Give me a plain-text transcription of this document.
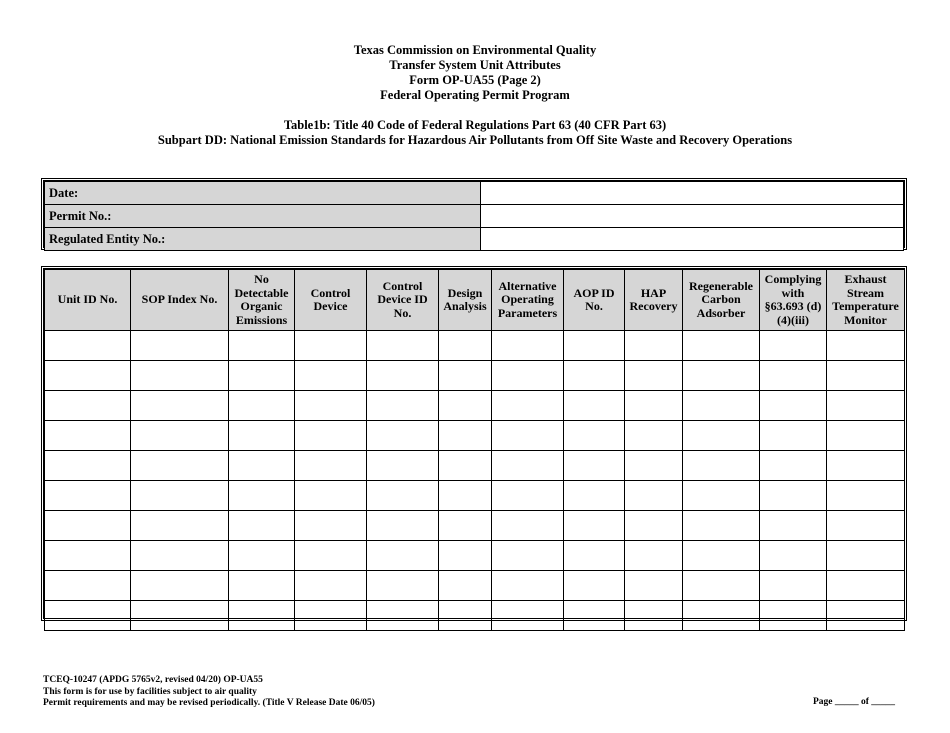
Texas Commission on Environmental Quality
Transfer System Unit Attributes
Form OP-UA55 (Page 2)
Federal Operating Permit Program
Table1b: Title 40 Code of Federal Regulations Part 63 (40 CFR Part 63)
Subpart DD: National Emission Standards for Hazardous Air Pollutants from Off Site Waste and Recovery Operations
Date:	
Permit No.:	
Regulated Entity No.:	
Unit ID No.	SOP Index No.	No Detectable Organic Emissions	Control Device	Control Device ID No.	Design Analysis	Alternative Operating Parameters	AOP ID No.	HAP Recovery	Regenerable Carbon Adsorber	Complying with §63.693 (d)(4)(iii)	Exhaust Stream Temperature Monitor

TCEQ-10247 (APDG 5765v2, revised 04/20) OP-UA55
This form is for use by facilities subject to air quality
Permit requirements and may be revised periodically. (Title V Release Date 06/05)	Page _____ of _____
